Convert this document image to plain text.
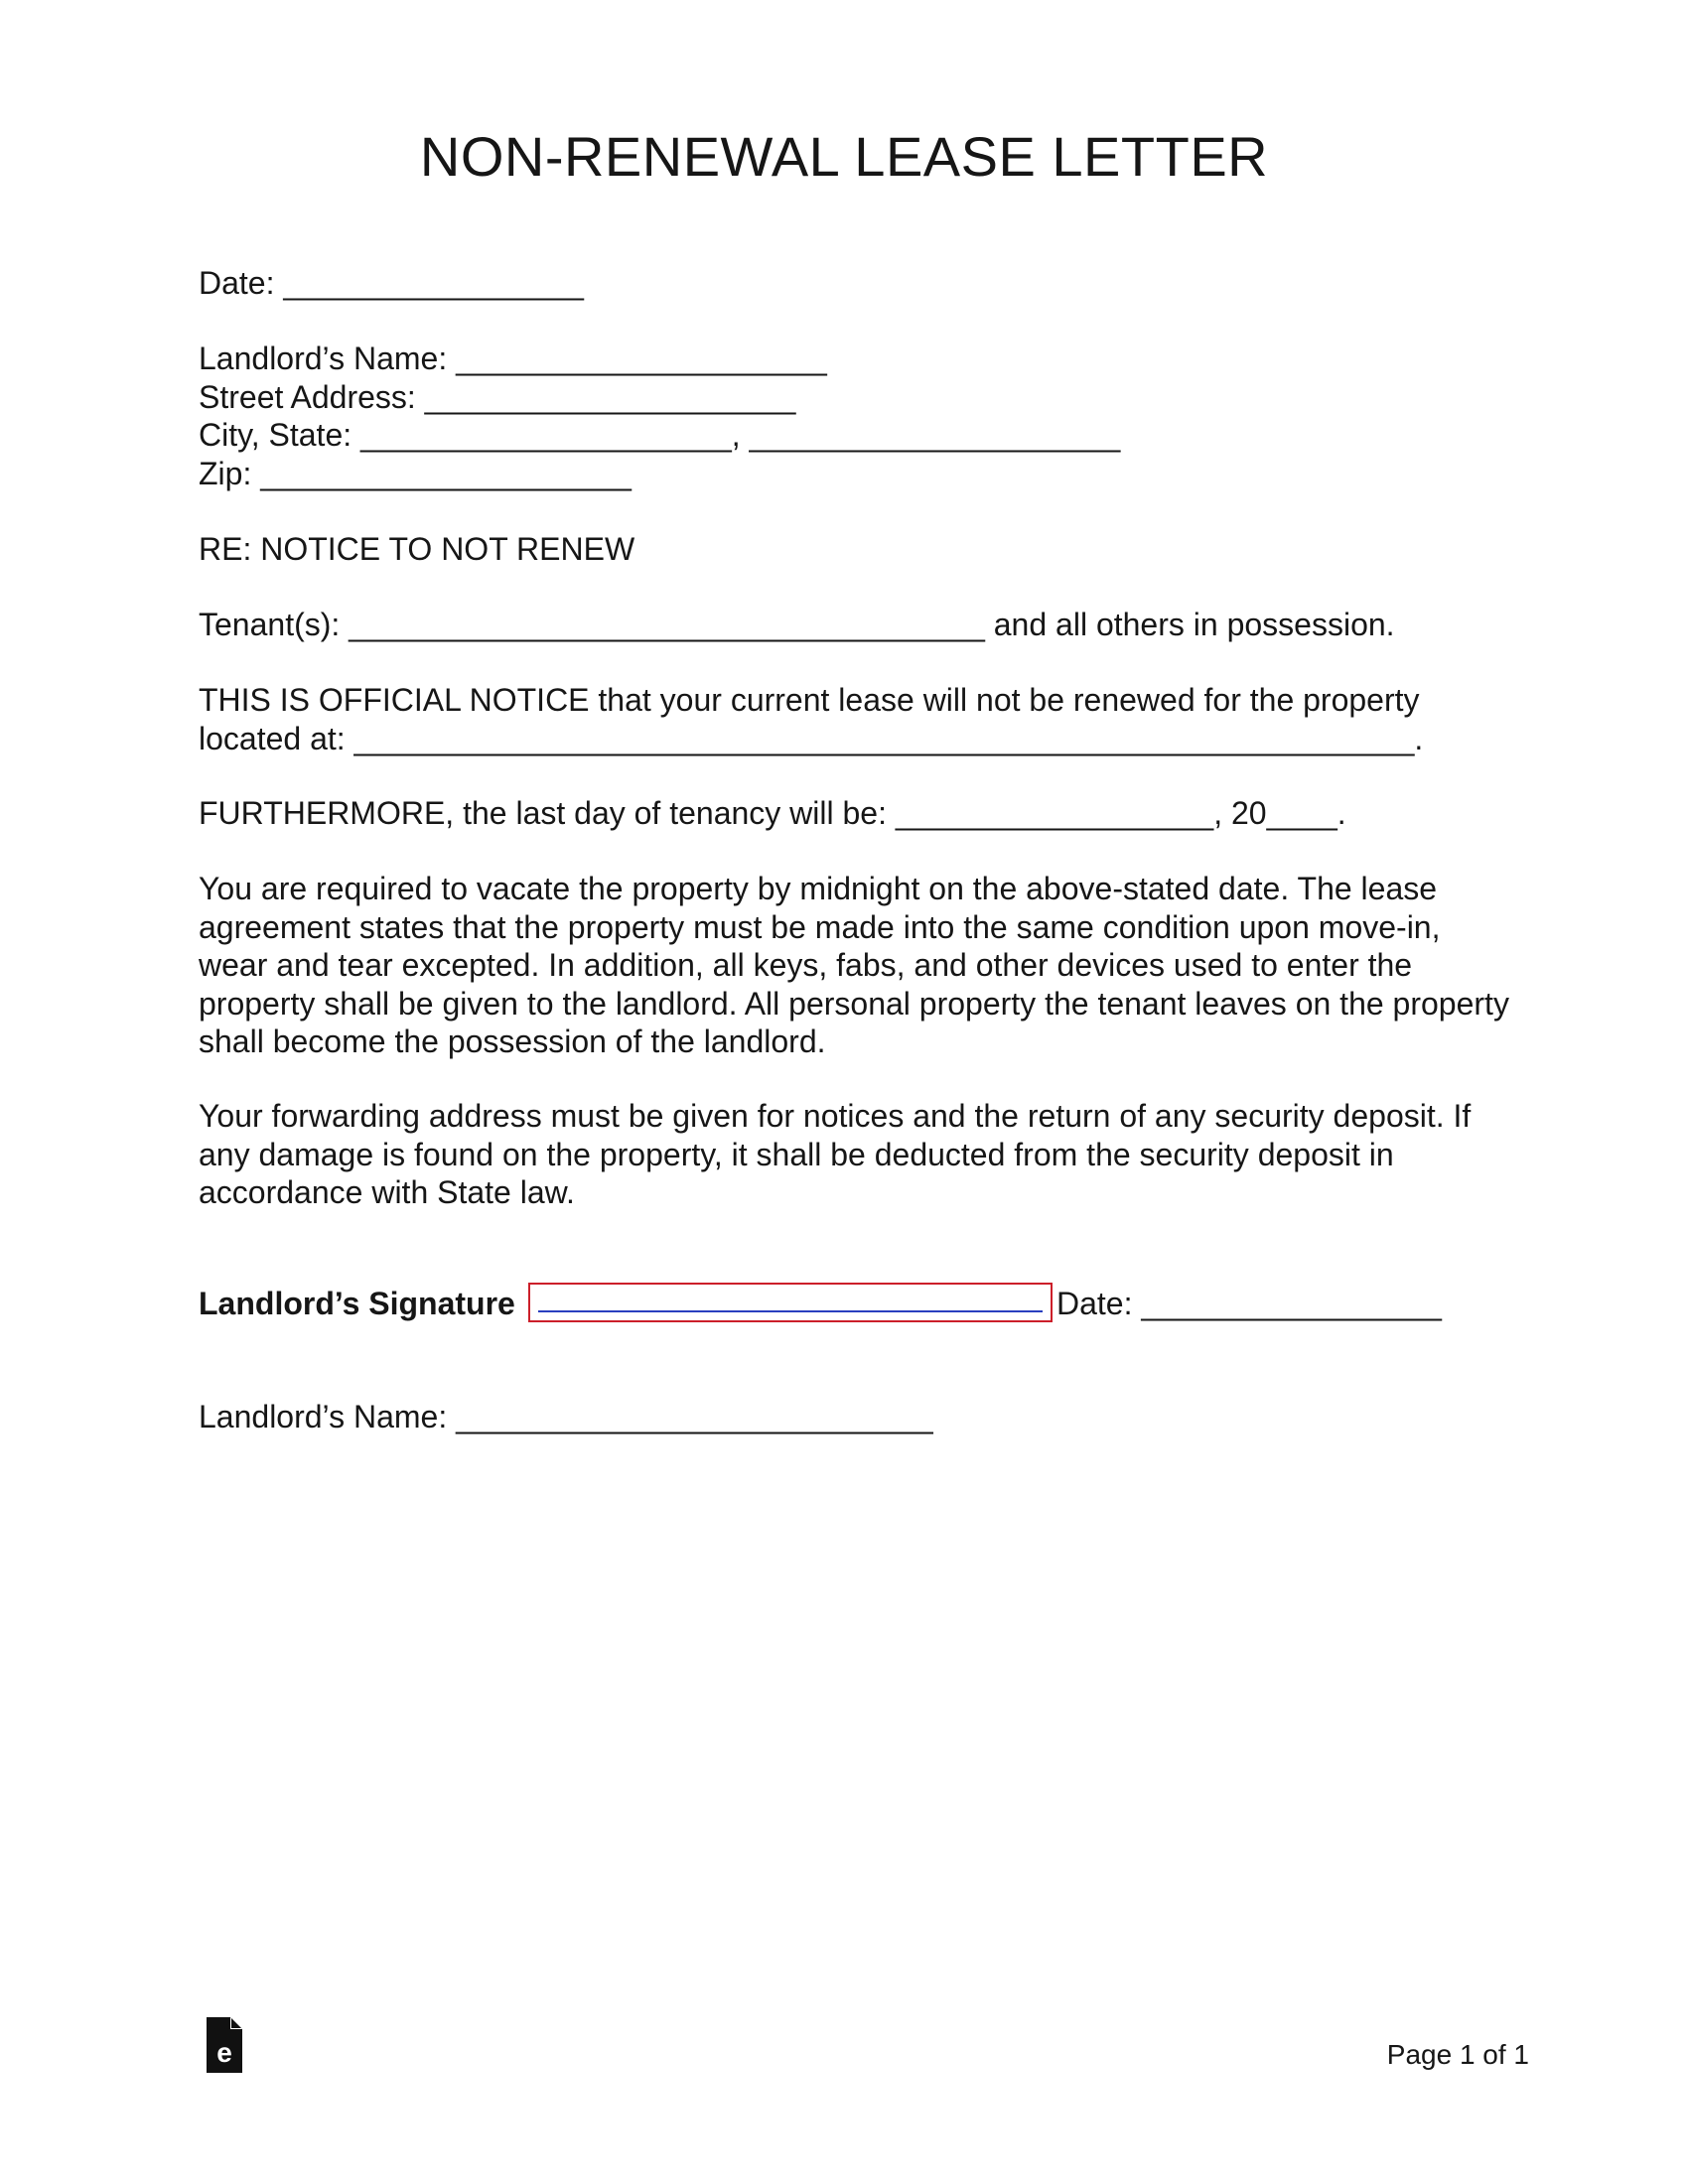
NON-RENEWAL LEASE LETTER
Date: _________________
Landlord’s Name: _____________________
Street Address: _____________________
City, State: _____________________, _____________________
Zip: _____________________
RE: NOTICE TO NOT RENEW
Tenant(s): ____________________________________ and all others in possession.
THIS IS OFFICIAL NOTICE that your current lease will not be renewed for the property located at: ____________________________________________________________.
FURTHERMORE, the last day of tenancy will be: __________________, 20____.
You are required to vacate the property by midnight on the above-stated date. The lease agreement states that the property must be made into the same condition upon move-in, wear and tear excepted. In addition, all keys, fabs, and other devices used to enter the property shall be given to the landlord. All personal property the tenant leaves on the property shall become the possession of the landlord.
Your forwarding address must be given for notices and the return of any security deposit. If any damage is found on the property, it shall be deducted from the security deposit in accordance with State law.
Landlord’s Signature	Date: _________________
Landlord’s Name: ___________________________
e	Page 1 of 1
